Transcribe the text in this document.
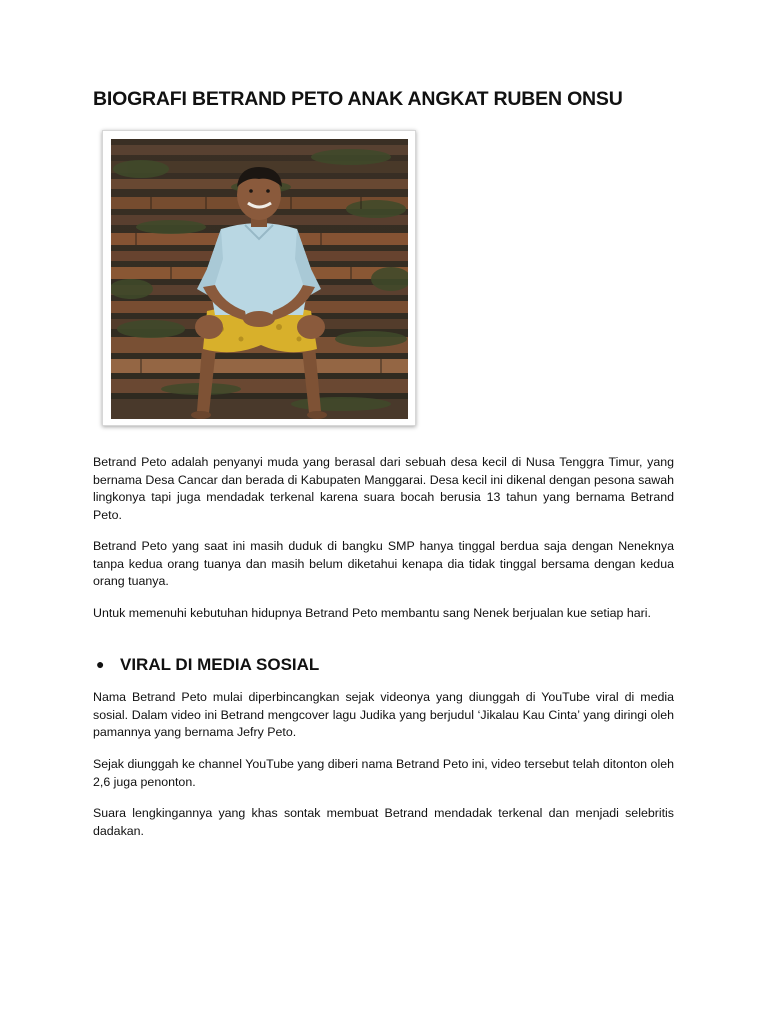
BIOGRAFI BETRAND PETO ANAK ANGKAT RUBEN ONSU

Betrand Peto adalah penyanyi muda yang berasal dari sebuah desa kecil di Nusa Tenggra Timur, yang bernama Desa Cancar dan berada di Kabupaten Manggarai. Desa kecil ini dikenal dengan pesona sawah lingkonya tapi juga mendadak terkenal karena suara bocah berusia 13 tahun yang bernama Betrand Peto.

Betrand Peto yang saat ini masih duduk di bangku SMP hanya tinggal berdua saja dengan Neneknya tanpa kedua orang tuanya dan masih belum diketahui kenapa dia tidak tinggal bersama dengan kedua orang tuanya.

Untuk memenuhi kebutuhan hidupnya Betrand Peto membantu sang Nenek berjualan kue setiap hari.

● VIRAL DI MEDIA SOSIAL

Nama Betrand Peto mulai diperbincangkan sejak videonya yang diunggah di YouTube viral di media sosial. Dalam video ini Betrand mengcover lagu Judika yang berjudul ‘Jikalau Kau Cinta’ yang diringi oleh pamannya yang bernama Jefry Peto.

Sejak diunggah ke channel YouTube yang diberi nama Betrand Peto ini, video tersebut telah ditonton oleh 2,6 juga penonton.

Suara lengkingannya yang khas sontak membuat Betrand mendadak terkenal dan menjadi selebritis dadakan.
